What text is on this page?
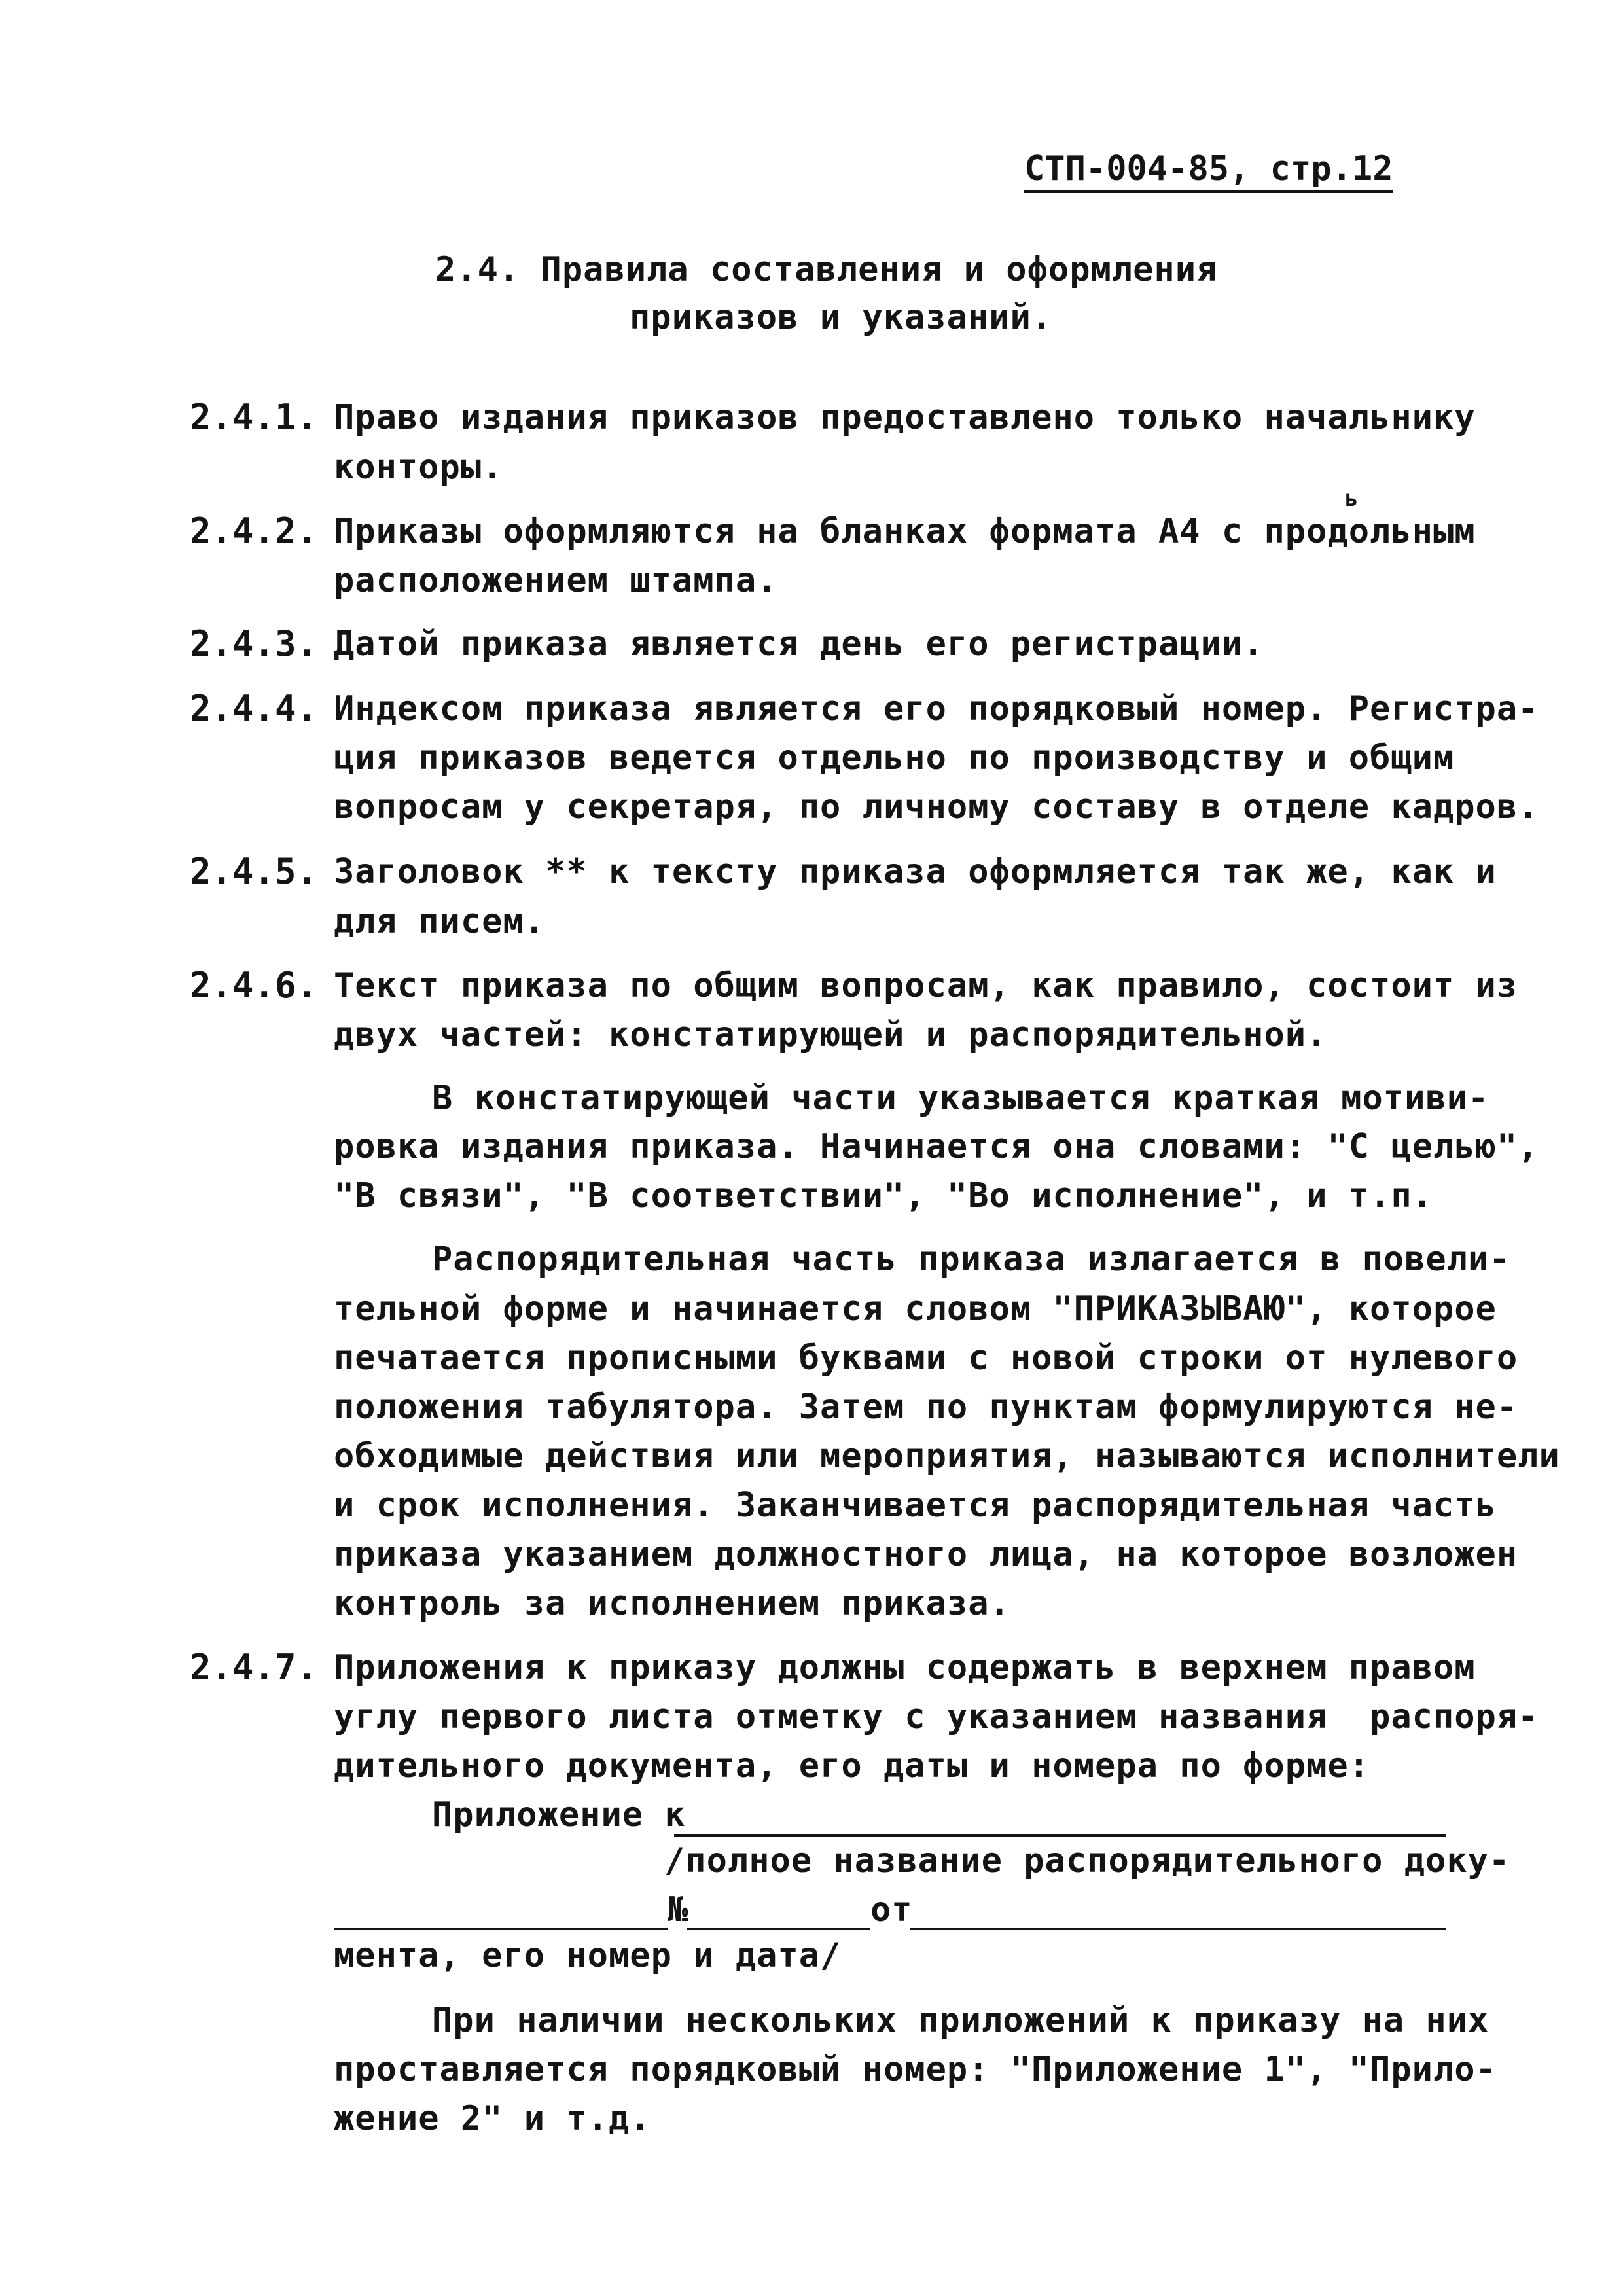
СТП-004-85, стр.12
2.4. Правила составления и оформления
приказов и указаний.
2.4.1. Право издания приказов предоставлено только начальнику
конторы.
ь
2.4.2. Приказы оформляются на бланках формата А4 с продольным
расположением штампа.
2.4.3. Датой приказа является день его регистрации.
2.4.4. Индексом приказа является его порядковый номер. Регистра-
ция приказов ведется отдельно по производству и общим
вопросам у секретаря, по личному составу в отделе кадров.
2.4.5. Заголовок ** к тексту приказа оформляется так же, как и
для писем.
2.4.6. Текст приказа по общим вопросам, как правило, состоит из
двух частей: констатирующей и распорядительной.
В констатирующей части указывается краткая мотиви-
ровка издания приказа. Начинается она словами: "С целью",
"В связи", "В соответствии", "Во исполнение", и т.п.
Распорядительная часть приказа излагается в повели-
тельной форме и начинается словом "ПРИКАЗЫВАЮ", которое
печатается прописными буквами с новой строки от нулевого
положения табулятора. Затем по пунктам формулируются не-
обходимые действия или мероприятия, называются исполнители
и срок исполнения. Заканчивается распорядительная часть
приказа указанием должностного лица, на которое возложен
контроль за исполнением приказа.
2.4.7. Приложения к приказу должны содержать в верхнем правом
углу первого листа отметку с указанием названия  распоря-
дительного документа, его даты и номера по форме:
Приложение к
/полное название распорядительного доку-
№	от
мента, его номер и дата/
При наличии нескольких приложений к приказу на них
проставляется порядковый номер: "Приложение 1", "Прило-
жение 2" и т.д.
